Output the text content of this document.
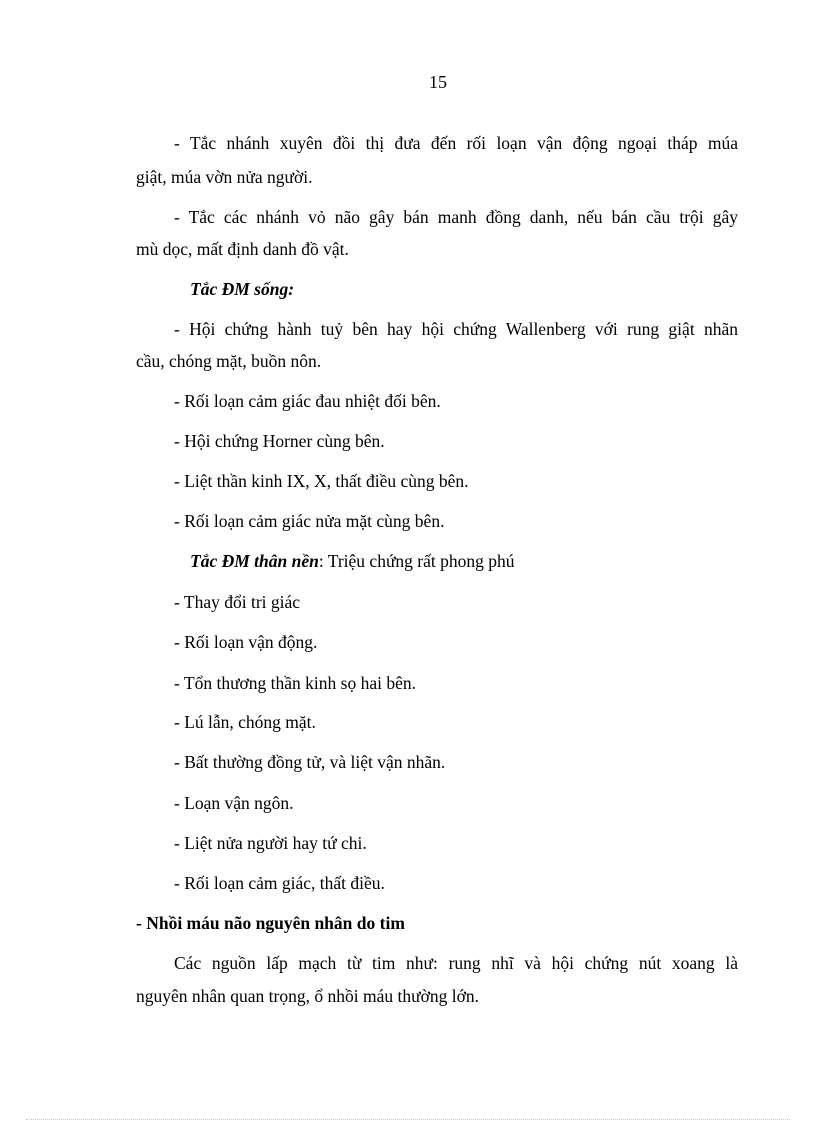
15
- Tắc nhánh xuyên đồi thị đưa đến rối loạn vận động ngoại tháp múa
giật, múa vờn nửa người.
- Tắc các nhánh vỏ não gây bán manh đồng danh, nếu bán cầu trội gây
mù dọc, mất định danh đồ vật.
Tắc ĐM sống:
- Hội chứng hành tuỷ bên hay hội chứng Wallenberg với rung giật nhãn
cầu, chóng mặt, buồn nôn.
- Rối loạn cảm giác đau nhiệt đối bên.
- Hội chứng Horner cùng bên.
- Liệt thần kinh IX, X, thất điều cùng bên.
- Rối loạn cảm giác nửa mặt cùng bên.
Tắc ĐM thân nền: Triệu chứng rất phong phú
- Thay đổi tri giác
- Rối loạn vận động.
- Tổn thương thần kinh sọ hai bên.
- Lú lẫn, chóng mặt.
- Bất thường đồng tử, và liệt vận nhãn.
- Loạn vận ngôn.
- Liệt nửa người hay tứ chi.
- Rối loạn cảm giác, thất điều.
- Nhồi máu não nguyên nhân do tim
Các nguồn lấp mạch từ tim như: rung nhĩ và hội chứng nút xoang là
nguyên nhân quan trọng, ổ nhồi máu thường lớn.
